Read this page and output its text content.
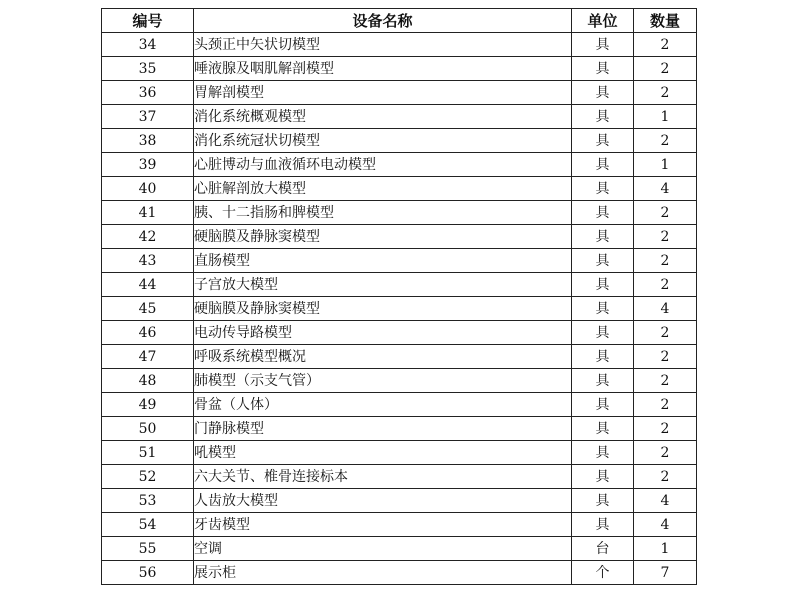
编号	设备名称	单位	数量
34	头颈正中矢状切模型	具	2
35	唾液腺及咽肌解剖模型	具	2
36	胃解剖模型	具	2
37	消化系统概观模型	具	1
38	消化系统冠状切模型	具	2
39	心脏博动与血液循环电动模型	具	1
40	心脏解剖放大模型	具	4
41	胰、十二指肠和脾模型	具	2
42	硬脑膜及静脉窦模型	具	2
43	直肠模型	具	2
44	子宫放大模型	具	2
45	硬脑膜及静脉窦模型	具	4
46	电动传导路模型	具	2
47	呼吸系统模型概况	具	2
48	肺模型（示支气管）	具	2
49	骨盆（人体）	具	2
50	门静脉模型	具	2
51	吼模型	具	2
52	六大关节、椎骨连接标本	具	2
53	人齿放大模型	具	4
54	牙齿模型	具	4
55	空调	台	1
56	展示柜	个	7
